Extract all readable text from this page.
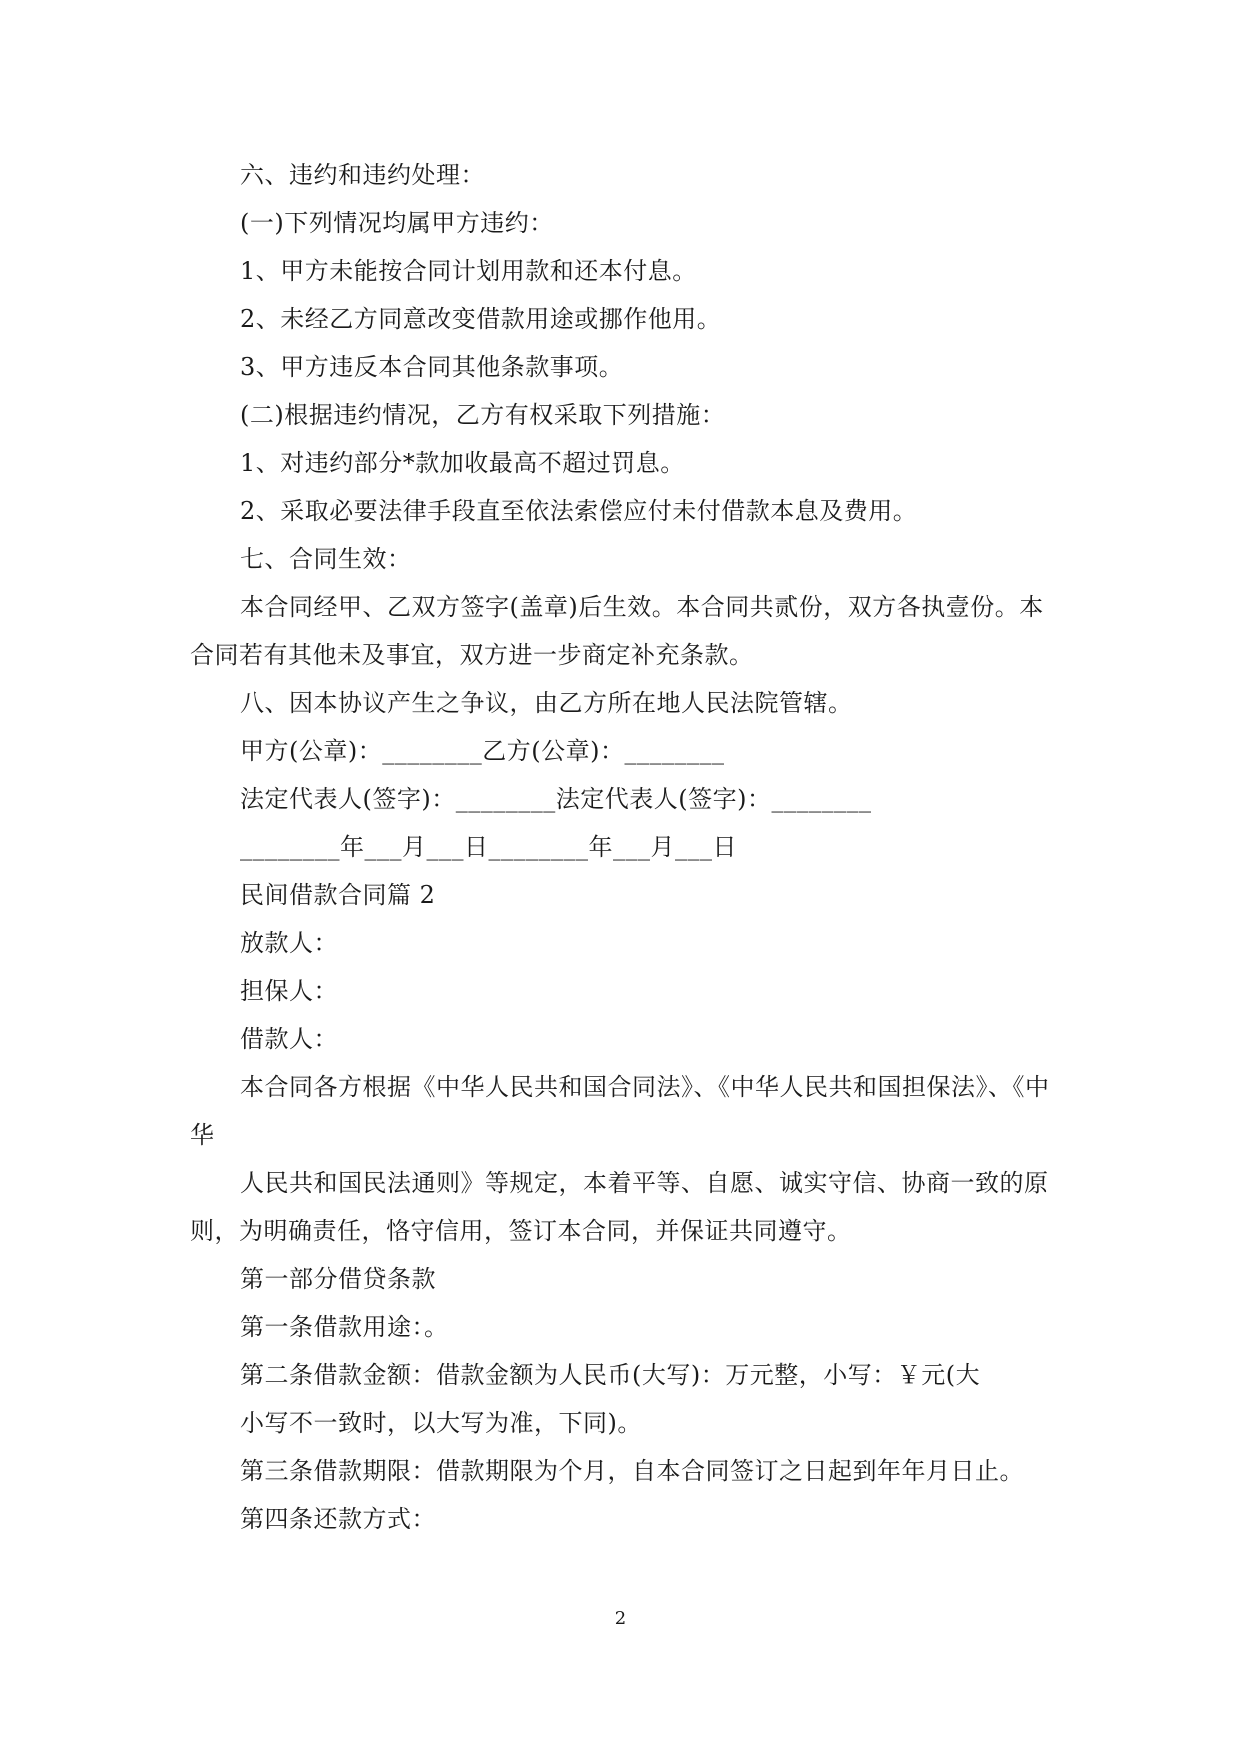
六、违约和违约处理：
(一)下列情况均属甲方违约：
1、甲方未能按合同计划用款和还本付息。
2、未经乙方同意改变借款用途或挪作他用。
3、甲方违反本合同其他条款事项。
(二)根据违约情况，乙方有权采取下列措施：
1、对违约部分*款加收最高不超过罚息。
2、采取必要法律手段直至依法索偿应付未付借款本息及费用。
七、合同生效：
本合同经甲、乙双方签字(盖章)后生效。本合同共贰份，双方各执壹份。本
合同若有其他未及事宜，双方进一步商定补充条款。
八、因本协议产生之争议，由乙方所在地人民法院管辖。
甲方(公章)：________乙方(公章)：________
法定代表人(签字)：________法定代表人(签字)：________
________年___月___日________年___月___日
民间借款合同篇 2
放款人：
担保人：
借款人：
本合同各方根据《中华人民共和国合同法》、《中华人民共和国担保法》、《中
华
人民共和国民法通则》等规定，本着平等、自愿、诚实守信、协商一致的原
则，为明确责任，恪守信用，签订本合同，并保证共同遵守。
第一部分借贷条款
第一条借款用途：。
第二条借款金额：借款金额为人民币(大写)：万元整，小写：￥元(大
小写不一致时，以大写为准，下同)。
第三条借款期限：借款期限为个月，自本合同签订之日起到年年月日止。
第四条还款方式：
2
